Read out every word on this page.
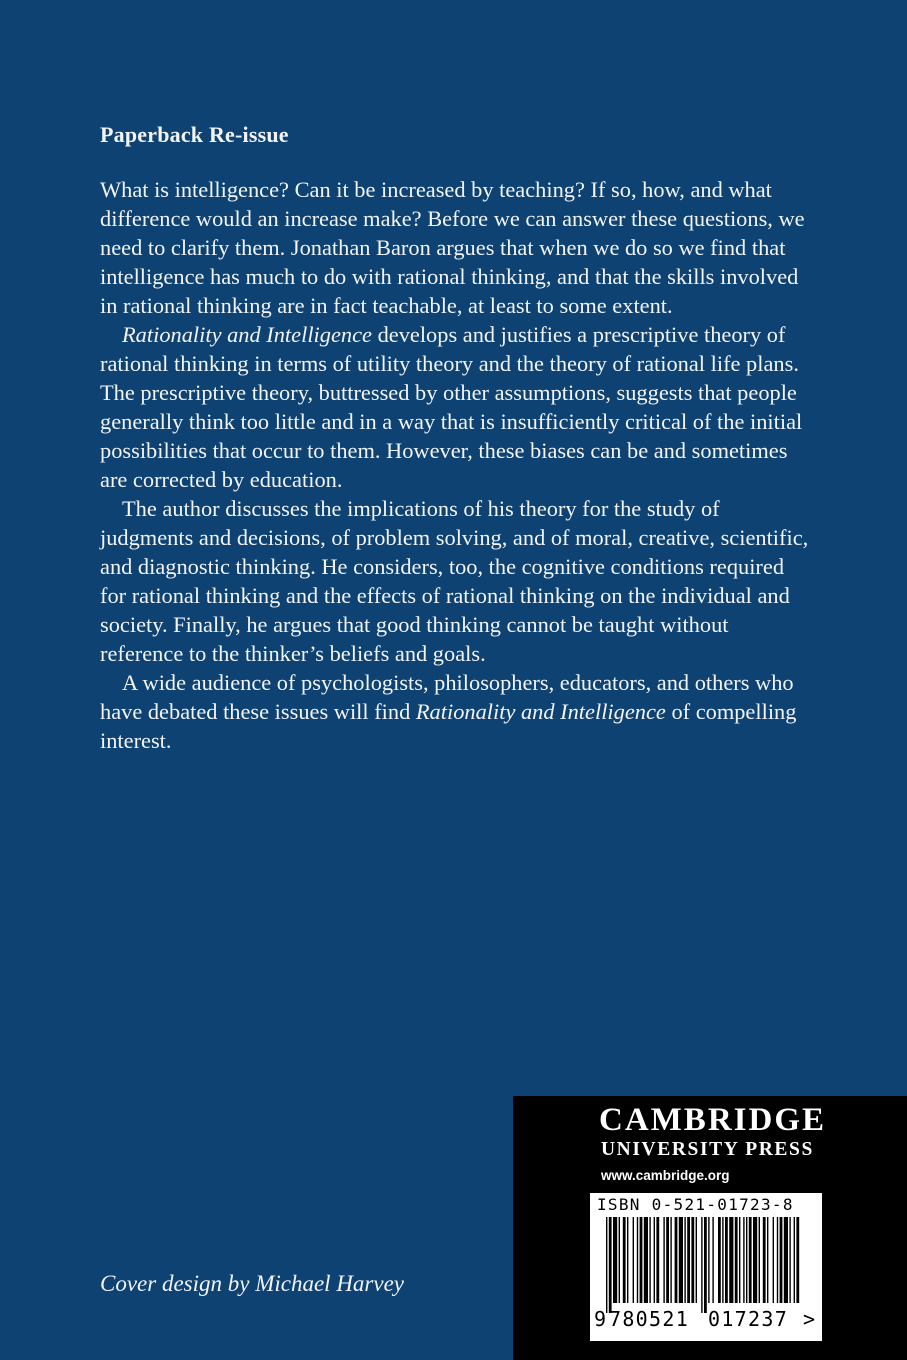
Paperback Re-issue

What is intelligence? Can it be increased by teaching? If so, how, and what difference would an increase make? Before we can answer these questions, we need to clarify them. Jonathan Baron argues that when we do so we find that intelligence has much to do with rational thinking, and that the skills involved in rational thinking are in fact teachable, at least to some extent.

Rationality and Intelligence develops and justifies a prescriptive theory of rational thinking in terms of utility theory and the theory of rational life plans. The prescriptive theory, buttressed by other assumptions, suggests that people generally think too little and in a way that is insufficiently critical of the initial possibilities that occur to them. However, these biases can be and sometimes are corrected by education.

The author discusses the implications of his theory for the study of judgments and decisions, of problem solving, and of moral, creative, scientific, and diagnostic thinking. He considers, too, the cognitive conditions required for rational thinking and the effects of rational thinking on the individual and society. Finally, he argues that good thinking cannot be taught without reference to the thinker’s beliefs and goals.

A wide audience of psychologists, philosophers, educators, and others who have debated these issues will find Rationality and Intelligence of compelling interest.

Cover design by Michael Harvey
CAMBRIDGE
UNIVERSITY PRESS
www.cambridge.org
ISBN 0-521-01723-8
9 780521 017237 >
